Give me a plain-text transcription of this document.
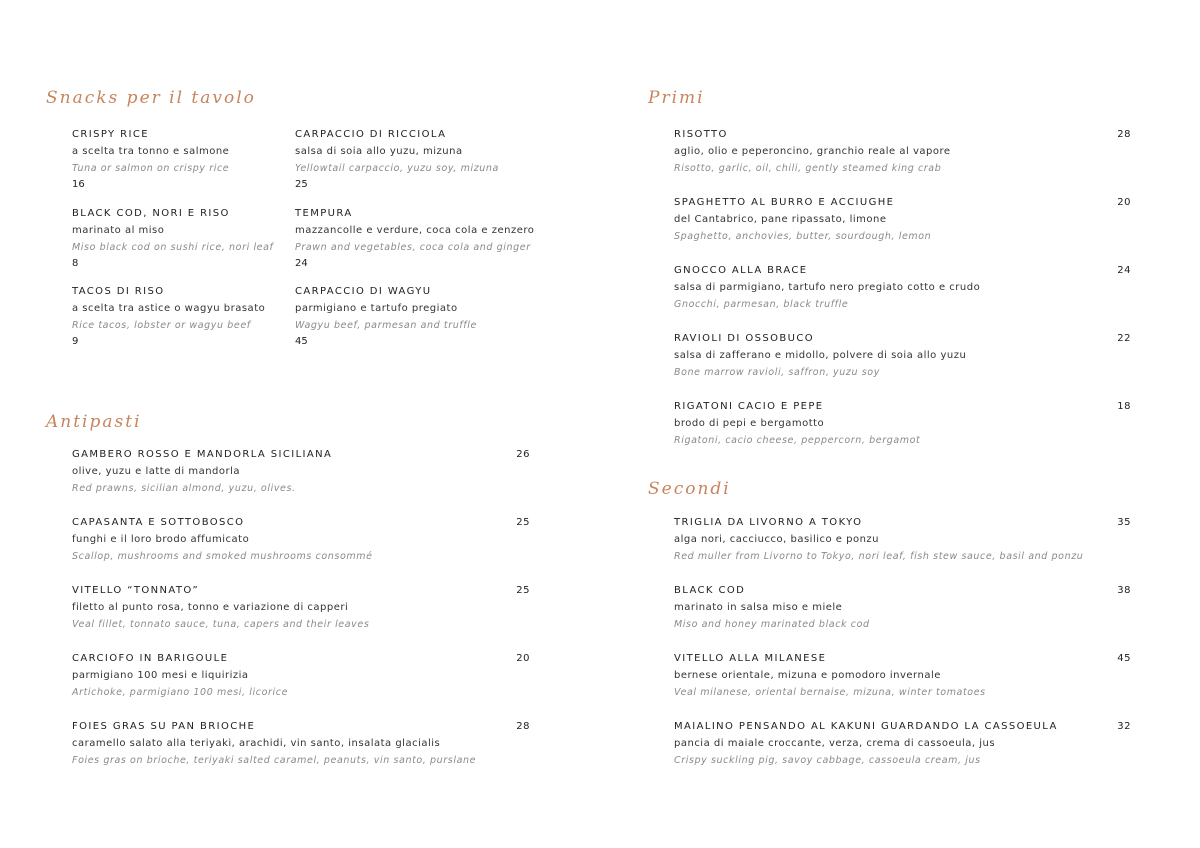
Snacks per il tavolo
CRISPY RICE
a scelta tra tonno e salmone
Tuna or salmon on crispy rice
16
CARPACCIO DI RICCIOLA
salsa di soia allo yuzu, mizuna
Yellowtail carpaccio, yuzu soy, mizuna
25
BLACK COD, NORI E RISO
marinato al miso
Miso black cod on sushi rice, nori leaf
8
TEMPURA
mazzancolle e verdure, coca cola e zenzero
Prawn and vegetables, coca cola and ginger
24
TACOS DI RISO
a scelta tra astice o wagyu brasato
Rice tacos, lobster or wagyu beef
9
CARPACCIO DI WAGYU
parmigiano e tartufo pregiato
Wagyu beef, parmesan and truffle
45
Antipasti
GAMBERO ROSSO E MANDORLA SICILIANA
olive, yuzu e latte di mandorla
Red prawns, sicilian almond, yuzu, olives.
26
CAPASANTA E SOTTOBOSCO
funghi e il loro brodo affumicato
Scallop, mushrooms and smoked mushrooms consommé
25
VITELLO “TONNATO”
filetto al punto rosa, tonno e variazione di capperi
Veal fillet, tonnato sauce, tuna, capers and their leaves
25
CARCIOFO IN BARIGOULE
parmigiano 100 mesi e liquirizia
Artichoke, parmigiano 100 mesi, licorice
20
FOIES GRAS SU PAN BRIOCHE
caramello salato alla teriyaki, arachidi, vin santo, insalata glacialis
Foies gras on brioche, teriyaki salted caramel, peanuts, vin santo, purslane
28
Primi
RISOTTO
aglio, olio e peperoncino, granchio reale al vapore
Risotto, garlic, oil, chili, gently steamed king crab
28
SPAGHETTO AL BURRO E ACCIUGHE
del Cantabrico, pane ripassato, limone
Spaghetto, anchovies, butter, sourdough, lemon
20
GNOCCO ALLA BRACE
salsa di parmigiano, tartufo nero pregiato cotto e crudo
Gnocchi, parmesan, black truffle
24
RAVIOLI DI OSSOBUCO
salsa di zafferano e midollo, polvere di soia allo yuzu
Bone marrow ravioli, saffron, yuzu soy
22
RIGATONI CACIO E PEPE
brodo di pepi e bergamotto
Rigatoni, cacio cheese, peppercorn, bergamot
18
Secondi
TRIGLIA DA LIVORNO A TOKYO
alga nori, cacciucco, basilico e ponzu
Red muller from Livorno to Tokyo, nori leaf, fish stew sauce, basil and ponzu
35
BLACK COD
marinato in salsa miso e miele
Miso and honey marinated black cod
38
VITELLO ALLA MILANESE
bernese orientale, mizuna e pomodoro invernale
Veal milanese, oriental bernaise, mizuna, winter tomatoes
45
MAIALINO PENSANDO AL KAKUNI GUARDANDO LA CASSOEULA
pancia di maiale croccante, verza, crema di cassoeula, jus
Crispy suckling pig, savoy cabbage, cassoeula cream, jus
32
